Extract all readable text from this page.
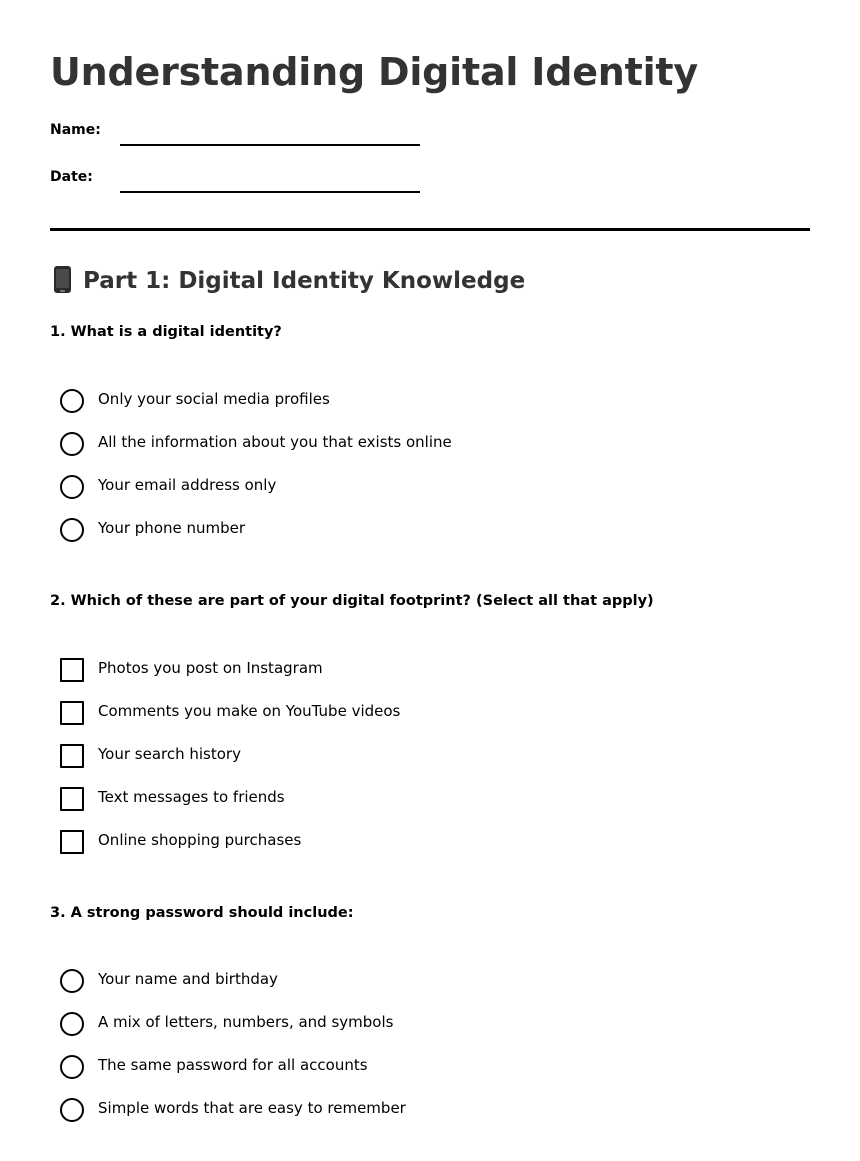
Understanding Digital Identity
Name:
Date:
Part 1: Digital Identity Knowledge

1. What is a digital identity?

Only your social media profiles
All the information about you that exists online
Your email address only
Your phone number

2. Which of these are part of your digital footprint? (Select all that apply)

Photos you post on Instagram
Comments you make on YouTube videos
Your search history
Text messages to friends
Online shopping purchases

3. A strong password should include:

Your name and birthday
A mix of letters, numbers, and symbols
The same password for all accounts
Simple words that are easy to remember
